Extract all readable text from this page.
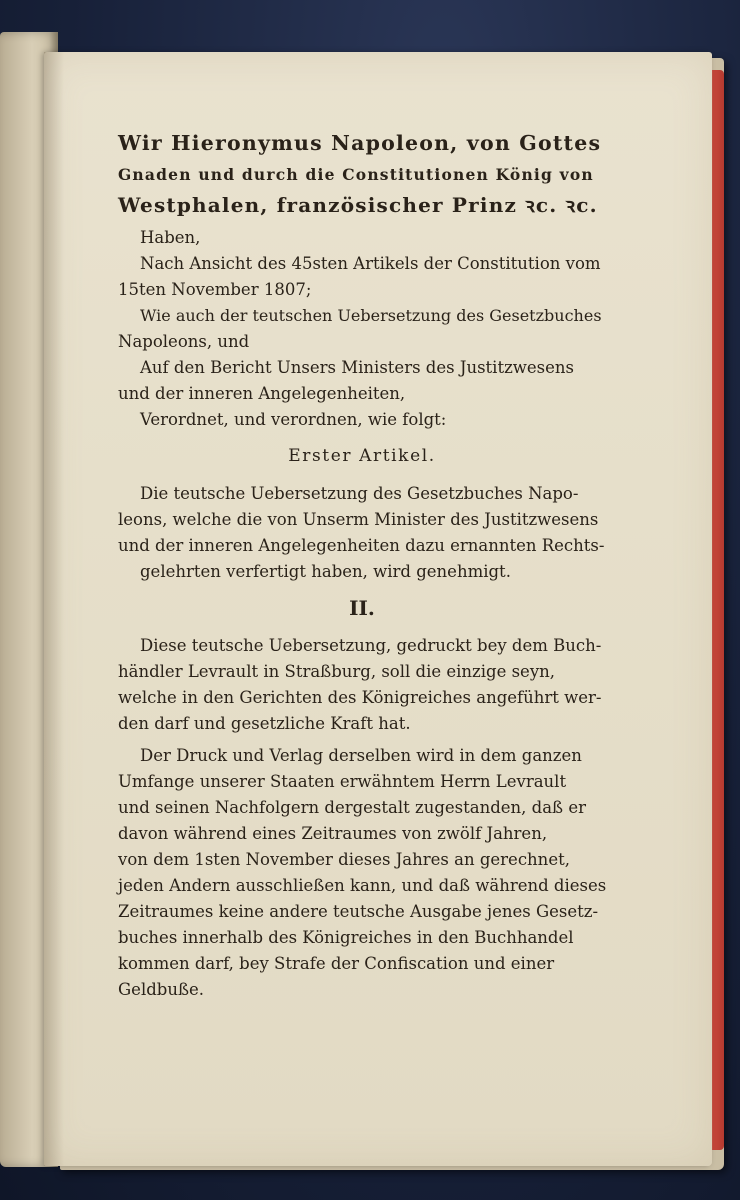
Wir Hieronymus Napoleon, von Gottes

Gnaden und durch die Constitutionen König von

Westphalen, französischer Prinz ꝛc. ꝛc.

Haben,

Nach Ansicht des 45sten Artikels der Constitution vom

15ten November 1807;

Wie auch der teutschen Uebersetzung des Gesetzbuches

Napoleons, und

Auf den Bericht Unsers Ministers des Justitzwesens

und der inneren Angelegenheiten,

Verordnet, und verordnen, wie folgt:

Erster Artikel.

Die teutsche Uebersetzung des Gesetzbuches Napo-

leons, welche die von Unserm Minister des Justitzwesens

und der inneren Angelegenheiten dazu ernannten Rechts-

gelehrten verfertigt haben, wird genehmigt.

II.

Diese teutsche Uebersetzung, gedruckt bey dem Buch-

händler Levrault in Straßburg, soll die einzige seyn,

welche in den Gerichten des Königreiches angeführt wer-

den darf und gesetzliche Kraft hat.

Der Druck und Verlag derselben wird in dem ganzen

Umfange unserer Staaten erwähntem Herrn Levrault

und seinen Nachfolgern dergestalt zugestanden, daß er

davon während eines Zeitraumes von zwölf Jahren,

von dem 1sten November dieses Jahres an gerechnet,

jeden Andern ausschließen kann, und daß während dieses

Zeitraumes keine andere teutsche Ausgabe jenes Gesetz-

buches innerhalb des Königreiches in den Buchhandel

kommen darf, bey Strafe der Confiscation und einer

Geldbuße.
